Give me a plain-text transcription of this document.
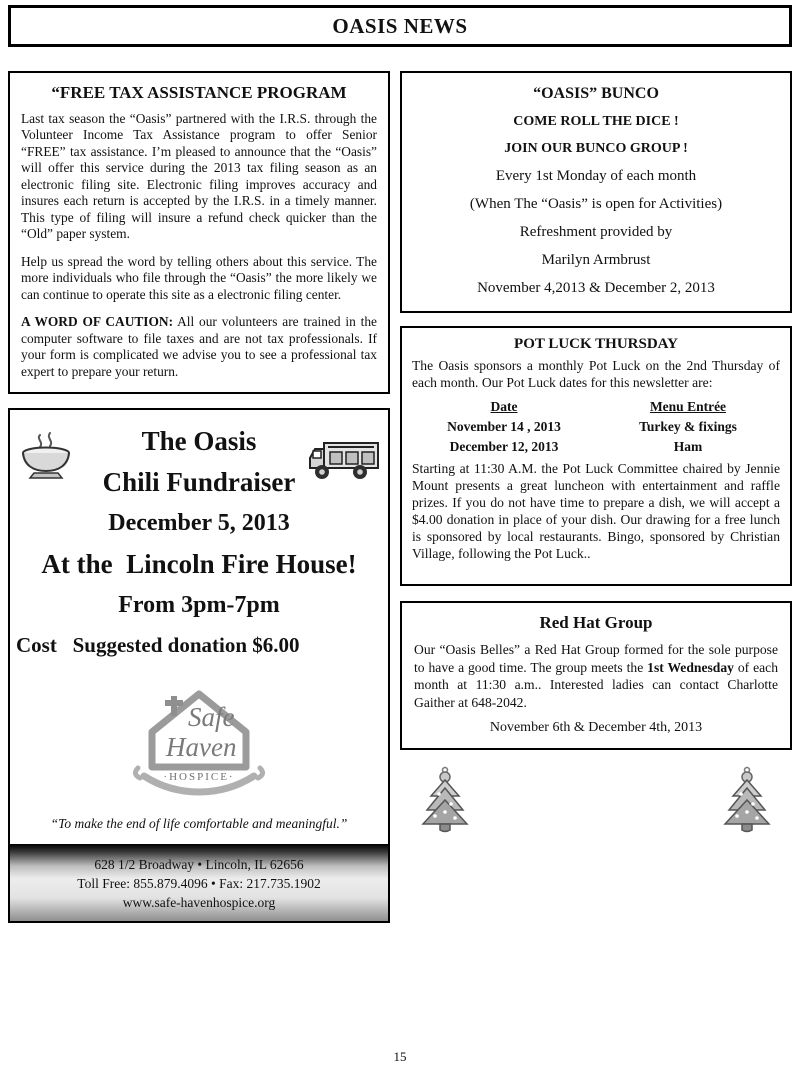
OASIS NEWS
“FREE TAX ASSISTANCE PROGRAM

Last tax season the “Oasis” partnered with the I.R.S. through the Volunteer Income Tax Assistance program to offer Senior “FREE” tax assistance. I’m pleased to announce that the “Oasis” will offer this service during the 2013 tax filing season as an electronic filing site. Electronic filing improves accuracy and insures each return is accepted by the I.R.S. in a timely manner. This type of filing will insure a refund check quicker than the “Old” paper system.

Help us spread the word by telling others about this service. The more individuals who file through the “Oasis” the more likely we can continue to operate this site as a electronic filing center.

A WORD OF CAUTION: All our volunteers are trained in the computer software to file taxes and are not tax professionals. If your form is complicated we advise you to see a professional tax expert to prepare your return.

The Oasis
Chili Fundraiser
December 5, 2013
At the  Lincoln Fire House!
From 3pm-7pm
Cost   Suggested donation $6.00
Safe
Haven
·HOSPICE·
“To make the end of life comfortable and meaningful.”
628 1/2 Broadway • Lincoln, IL 62656
Toll Free: 855.879.4096 • Fax: 217.735.1902
www.safe-havenhospice.org
“OASIS” BUNCO
COME ROLL THE DICE !
JOIN OUR BUNCO GROUP !
Every 1st Monday of each month
(When The “Oasis” is open for Activities)
Refreshment provided by
Marilyn Armbrust
November 4,2013 & December 2, 2013
POT LUCK THURSDAY

The Oasis sponsors a monthly Pot Luck on the 2nd Thursday of each month. Our Pot Luck dates for this newsletter are:

Date	Menu Entrée
November 14 , 2013	Turkey & fixings
December 12, 2013	Ham

Starting at 11:30 A.M. the Pot Luck Committee chaired by Jennie Mount presents a great luncheon with entertainment and raffle prizes. If you do not have time to prepare a dish, we will accept a $4.00 donation in place of your dish. Our drawing for a free lunch is sponsored by local restaurants. Bingo, sponsored by Christian Village, following the Pot Luck..

Red Hat Group

Our “Oasis Belles” a Red Hat Group formed for the sole purpose to have a good time. The group meets the 1st Wednesday of each month at 11:30 a.m.. Interested ladies can contact Charlotte Gaither at 648-2042.

November 6th & December 4th, 2013
15
